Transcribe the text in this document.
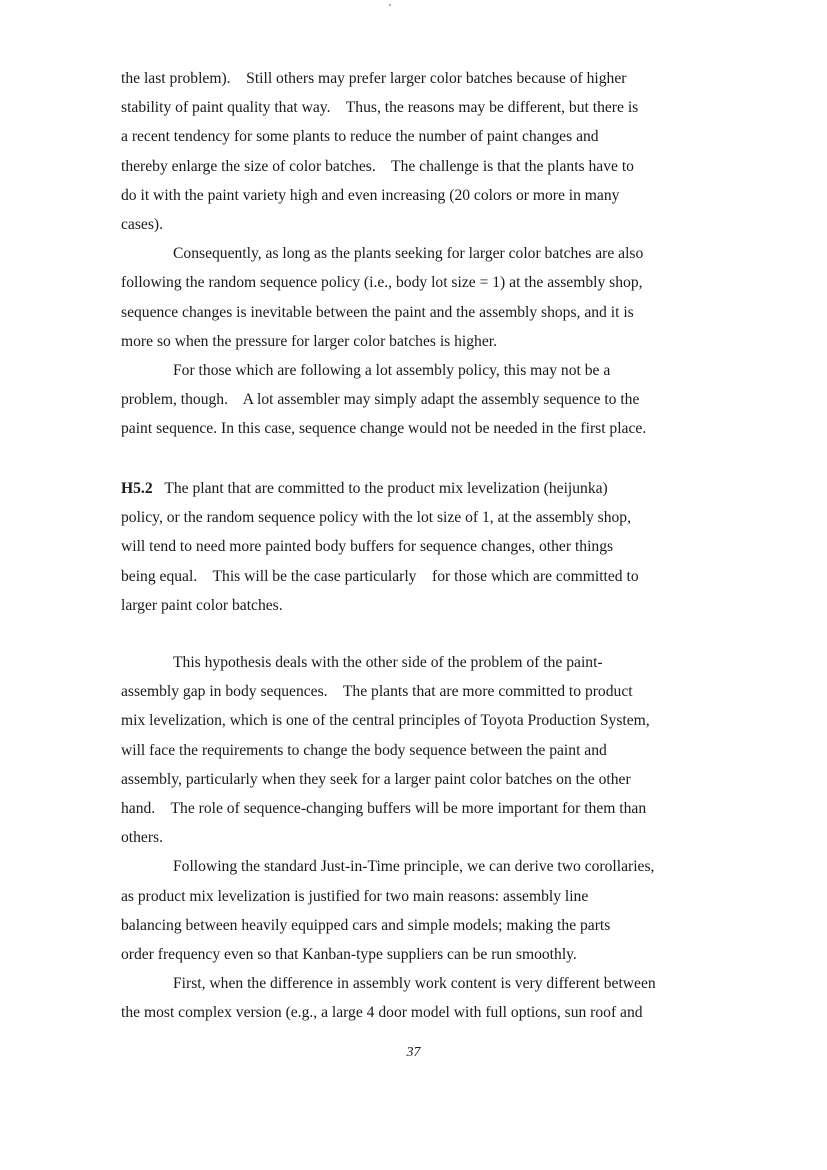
the last problem).    Still others may prefer larger color batches because of higher
stability of paint quality that way.    Thus, the reasons may be different, but there is
a recent tendency for some plants to reduce the number of paint changes and
thereby enlarge the size of color batches.    The challenge is that the plants have to
do it with the paint variety high and even increasing (20 colors or more in many
cases).
Consequently, as long as the plants seeking for larger color batches are also
following the random sequence policy (i.e., body lot size = 1) at the assembly shop,
sequence changes is inevitable between the paint and the assembly shops, and it is
more so when the pressure for larger color batches is higher.
For those which are following a lot assembly policy, this may not be a
problem, though.    A lot assembler may simply adapt the assembly sequence to the
paint sequence. In this case, sequence change would not be needed in the first place.
H5.2 The plant that are committed to the product mix levelization (heijunka)
policy, or the random sequence policy with the lot size of 1, at the assembly shop,
will tend to need more painted body buffers for sequence changes, other things
being equal.    This will be the case particularly    for those which are committed to
larger paint color batches.
This hypothesis deals with the other side of the problem of the paint-
assembly gap in body sequences.    The plants that are more committed to product
mix levelization, which is one of the central principles of Toyota Production System,
will face the requirements to change the body sequence between the paint and
assembly, particularly when they seek for a larger paint color batches on the other
hand.    The role of sequence-changing buffers will be more important for them than
others.
Following the standard Just-in-Time principle, we can derive two corollaries,
as product mix levelization is justified for two main reasons: assembly line
balancing between heavily equipped cars and simple models; making the parts
order frequency even so that Kanban-type suppliers can be run smoothly.
First, when the difference in assembly work content is very different between
the most complex version (e.g., a large 4 door model with full options, sun roof and
37
